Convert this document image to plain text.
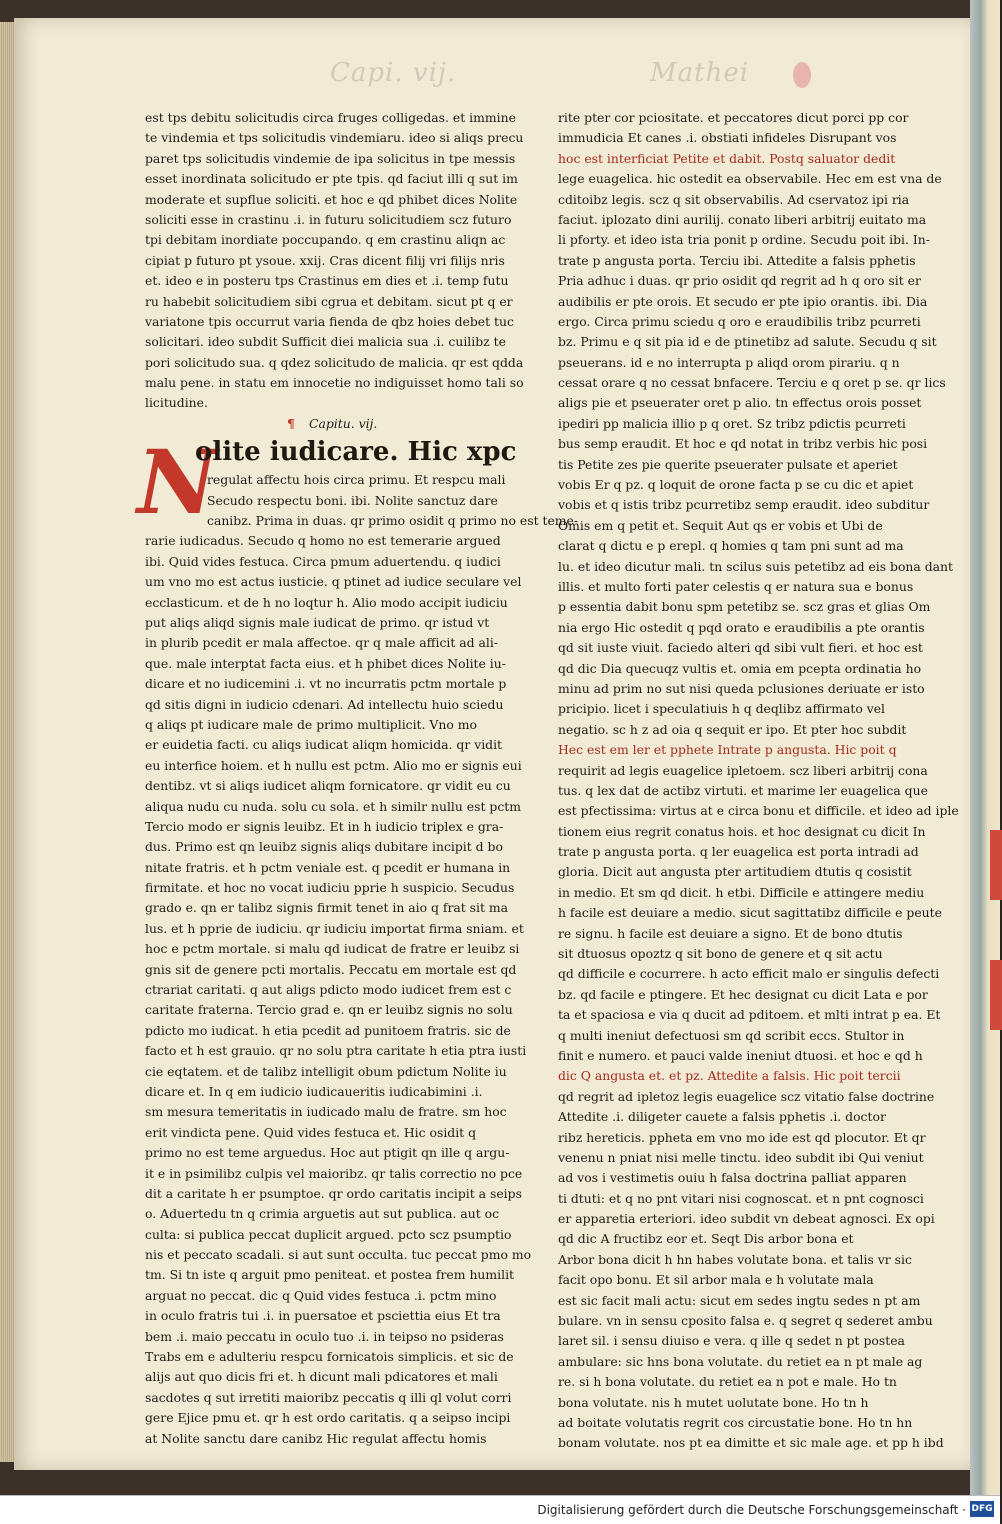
Capi. vij.	Mathei
est tps debitu solicitudis circa fruges colligedas. et immine
te vindemia et tps solicitudis vindemiaru. ideo si aliqs precu
paret tps solicitudis vindemie de ipa solicitus in tpe messis
esset inordinata solicitudo er pte tpis. qd faciut illi q sut im
moderate et supflue soliciti. et hoc e qd phibet dices Nolite
soliciti esse in crastinu .i. in futuru solicitudiem scz futuro
tpi debitam inordiate poccupando. q em crastinu aliqn ac
cipiat p futuro pt ysoue. xxij. Cras dicent filij vri filijs nris
et. ideo e in posteru tps Crastinus em dies et .i. temp futu
ru habebit solicitudiem sibi cgrua et debitam. sicut pt q er
variatone tpis occurrut varia fienda de qbz hoies debet tuc
solicitari. ideo subdit Sufficit diei malicia sua .i. cuilibz te
pori solicitudo sua. q qdez solicitudo de malicia. qr est qdda
malu pene. in statu em innocetie no indiguisset homo tali so
licitudine.
¶ Capitu. vij.
N
olite iudicare. Hic xpc
regulat affectu hois circa primu. Et respcu mali
Secudo respectu boni. ibi. Nolite sanctuz dare
canibz. Prima in duas. qr primo osidit q primo no est teme-
rarie iudicadus. Secudo q homo no est temerarie argued
ibi. Quid vides festuca. Circa pmum aduertendu. q iudici
um vno mo est actus iusticie. q ptinet ad iudice seculare vel
ecclasticum. et de h no loqtur h. Alio modo accipit iudiciu
put aliqs aliqd signis male iudicat de primo. qr istud vt
in plurib pcedit er mala affectoe. qr q male afficit ad ali-
que. male interptat facta eius. et h phibet dices Nolite iu-
dicare et no iudicemini .i. vt no incurratis pctm mortale p
qd sitis digni in iudicio cdenari. Ad intellectu huio sciedu
q aliqs pt iudicare male de primo multiplicit. Vno mo
er euidetia facti. cu aliqs iudicat aliqm homicida. qr vidit
eu interfice hoiem. et h nullu est pctm. Alio mo er signis eui
dentibz. vt si aliqs iudicet aliqm fornicatore. qr vidit eu cu
aliqua nudu cu nuda. solu cu sola. et h similr nullu est pctm
Tercio modo er signis leuibz. Et in h iudicio triplex e gra-
dus. Primo est qn leuibz signis aliqs dubitare incipit d bo
nitate fratris. et h pctm veniale est. q pcedit er humana in
firmitate. et hoc no vocat iudiciu pprie h suspicio. Secudus
grado e. qn er talibz signis firmit tenet in aio q frat sit ma
lus. et h pprie de iudiciu. qr iudiciu importat firma sniam. et
hoc e pctm mortale. si malu qd iudicat de fratre er leuibz si
gnis sit de genere pcti mortalis. Peccatu em mortale est qd
ctrariat caritati. q aut aligs pdicto modo iudicet frem est c
caritate fraterna. Tercio grad e. qn er leuibz signis no solu
pdicto mo iudicat. h etia pcedit ad punitoem fratris. sic de
facto et h est grauio. qr no solu ptra caritate h etia ptra iusti
cie eqtatem. et de talibz intelligit obum pdictum Nolite iu
dicare et. In q em iudicio iudicaueritis iudicabimini .i.
sm mesura temeritatis in iudicado malu de fratre. sm hoc
erit vindicta pene. Quid vides festuca et. Hic osidit q
primo no est teme arguedus. Hoc aut ptigit qn ille q argu-
it e in psimilibz culpis vel maioribz. qr talis correctio no pce
dit a caritate h er psumptoe. qr ordo caritatis incipit a seips
o. Aduertedu tn q crimia arguetis aut sut publica. aut oc
culta: si publica peccat duplicit argued. pcto scz psumptio
nis et peccato scadali. si aut sunt occulta. tuc peccat pmo mo
tm. Si tn iste q arguit pmo peniteat. et postea frem humilit
arguat no peccat. dic q Quid vides festuca .i. pctm mino
in oculo fratris tui .i. in puersatoe et psciettia eius Et tra
bem .i. maio peccatu in oculo tuo .i. in teipso no psideras
Trabs em e adulteriu respcu fornicatois simplicis. et sic de
alijs aut quo dicis fri et. h dicunt mali pdicatores et mali
sacdotes q sut irretiti maioribz peccatis q illi ql volut corri
gere Ejice pmu et. qr h est ordo caritatis. q a seipso incipi
at Nolite sanctu dare canibz Hic regulat affectu homis
rite pter cor pciositate. et peccatores dicut porci pp cor
immudicia Et canes .i. obstiati infideles Disrupant vos
hoc est interficiat Petite et dabit. Postq saluator dedit
lege euagelica. hic ostedit ea observabile. Hec em est vna de
cditoibz legis. scz q sit observabilis. Ad cservatoz ipi ria
faciut. iplozato dini aurilij. conato liberi arbitrij euitato ma
li pforty. et ideo ista tria ponit p ordine. Secudu poit ibi. In-
trate p angusta porta. Terciu ibi. Attedite a falsis pphetis
Pria adhuc i duas. qr prio osidit qd regrit ad h q oro sit er
audibilis er pte orois. Et secudo er pte ipio orantis. ibi. Dia
ergo. Circa primu sciedu q oro e eraudibilis tribz pcurreti
bz. Primu e q sit pia id e de ptinetibz ad salute. Secudu q sit
pseuerans. id e no interrupta p aliqd orom pirariu. q n
cessat orare q no cessat bnfacere. Terciu e q oret p se. qr lics
aligs pie et pseuerater oret p alio. tn effectus orois posset
ipediri pp malicia illio p q oret. Sz tribz pdictis pcurreti
bus semp eraudit. Et hoc e qd notat in tribz verbis hic posi
tis Petite zes pie querite pseuerater pulsate et aperiet
vobis Er q pz. q loquit de orone facta p se cu dic et apiet
vobis et q istis tribz pcurretibz semp eraudit. ideo subditur
Omis em q petit et. Sequit Aut qs er vobis et Ubi de
clarat q dictu e p erepl. q homies q tam pni sunt ad ma
lu. et ideo dicutur mali. tn scilus suis petetibz ad eis bona dant
illis. et multo forti pater celestis q er natura sua e bonus
p essentia dabit bonu spm petetibz se. scz gras et glias Om
nia ergo Hic ostedit q pqd orato e eraudibilis a pte orantis
qd sit iuste viuit. faciedo alteri qd sibi vult fieri. et hoc est
qd dic Dia quecuqz vultis et. omia em pcepta ordinatia ho
minu ad prim no sut nisi queda pclusiones deriuate er isto
pricipio. licet i speculatiuis h q deqlibz affirmato vel
negatio. sc h z ad oia q sequit er ipo. Et pter hoc subdit
Hec est em ler et pphete Intrate p angusta. Hic poit q
requirit ad legis euagelice ipletoem. scz liberi arbitrij cona
tus. q lex dat de actibz virtuti. et marime ler euagelica que
est pfectissima: virtus at e circa bonu et difficile. et ideo ad iple
tionem eius regrit conatus hois. et hoc designat cu dicit In
trate p angusta porta. q ler euagelica est porta intradi ad
gloria. Dicit aut angusta pter artitudiem dtutis q cosistit
in medio. Et sm qd dicit. h etbi. Difficile e attingere mediu
h facile est deuiare a medio. sicut sagittatibz difficile e peute
re signu. h facile est deuiare a signo. Et de bono dtutis
sit dtuosus opoztz q sit bono de genere et q sit actu
qd difficile e cocurrere. h acto efficit malo er singulis defecti
bz. qd facile e ptingere. Et hec designat cu dicit Lata e por
ta et spaciosa e via q ducit ad pditoem. et mlti intrat p ea. Et
q multi ineniut defectuosi sm qd scribit eccs. Stultor in
finit e numero. et pauci valde ineniut dtuosi. et hoc e qd h
dic Q angusta et. et pz. Attedite a falsis. Hic poit tercii
qd regrit ad ipletoz legis euagelice scz vitatio false doctrine
Attedite .i. diligeter cauete a falsis pphetis .i. doctor
ribz hereticis. ppheta em vno mo ide est qd plocutor. Et qr
venenu n pniat nisi melle tinctu. ideo subdit ibi Qui veniut
ad vos i vestimetis ouiu h falsa doctrina palliat apparen
ti dtuti: et q no pnt vitari nisi cognoscat. et n pnt cognosci
er apparetia erteriori. ideo subdit vn debeat agnosci. Ex opi
qd dic A fructibz eor et. Seqt Dis arbor bona et
Arbor bona dicit h hn habes volutate bona. et talis vr sic
facit opo bonu. Et sil arbor mala e h volutate mala
est sic facit mali actu: sicut em sedes ingtu sedes n pt am
bulare. vn in sensu cposito falsa e. q segret q sederet ambu
laret sil. i sensu diuiso e vera. q ille q sedet n pt postea
ambulare: sic hns bona volutate. du retiet ea n pt male ag
re. si h bona volutate. du retiet ea n pot e male. Ho tn
bona volutate. nis h mutet uolutate bone. Ho tn h
ad boitate volutatis regrit cos circustatie bone. Ho tn hn
bonam volutate. nos pt ea dimitte et sic male age. et pp h ibd
Digitalisierung gefördert durch die Deutsche Forschungsgemeinschaft · DFG
